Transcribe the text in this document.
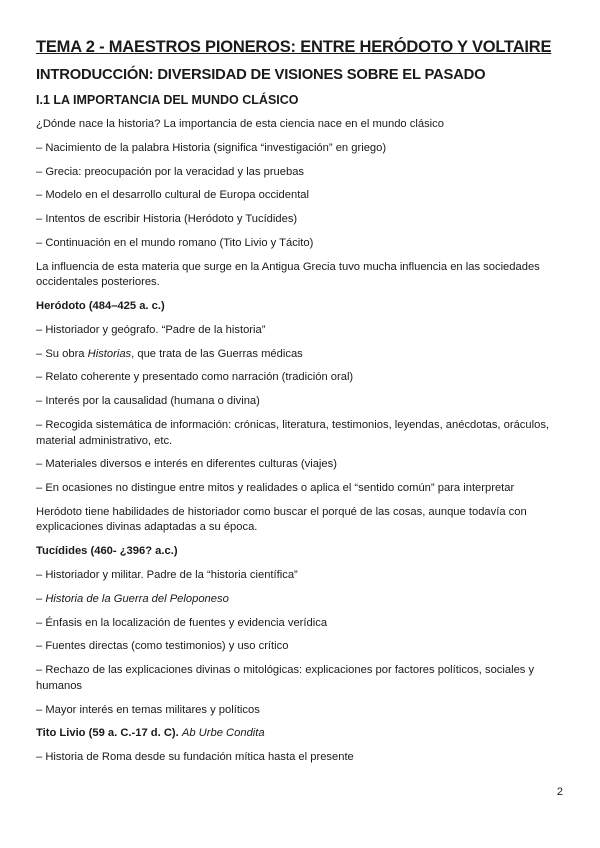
TEMA 2 - MAESTROS PIONEROS: ENTRE HERÓDOTO Y VOLTAIRE
INTRODUCCIÓN: DIVERSIDAD DE VISIONES SOBRE EL PASADO
I.1 LA IMPORTANCIA DEL MUNDO CLÁSICO

¿Dónde nace la historia? La importancia de esta ciencia nace en el mundo clásico

– Nacimiento de la palabra Historia (significa “investigación” en griego)

– Grecia: preocupación por la veracidad y las pruebas

– Modelo en el desarrollo cultural de Europa occidental

– Intentos de escribir Historia (Heródoto y Tucídides)

– Continuación en el mundo romano (Tito Livio y Tácito)

La influencia de esta materia que surge en la Antigua Grecia tuvo mucha influencia en las sociedades occidentales posteriores.

Heródoto (484–425 a. c.)

– Historiador y geógrafo. “Padre de la historia”

– Su obra Historias, que trata de las Guerras médicas

– Relato coherente y presentado como narración (tradición oral)

– Interés por la causalidad (humana o divina)

– Recogida sistemática de información: crónicas, literatura, testimonios, leyendas, anécdotas, oráculos, material administrativo, etc.

– Materiales diversos e interés en diferentes culturas (viajes)

– En ocasiones no distingue entre mitos y realidades o aplica el “sentido común” para interpretar

Heródoto tiene habilidades de historiador como buscar el porqué de las cosas, aunque todavía con explicaciones divinas adaptadas a su época.

Tucídides (460- ¿396? a.c.)

– Historiador y militar. Padre de la “historia científica”

– Historia de la Guerra del Peloponeso

– Énfasis en la localización de fuentes y evidencia verídica

– Fuentes directas (como testimonios) y uso crítico

– Rechazo de las explicaciones divinas o mitológicas: explicaciones por factores políticos, sociales y humanos

– Mayor interés en temas militares y políticos

Tito Livio (59 a. C.-17 d. C). Ab Urbe Condita

– Historia de Roma desde su fundación mítica hasta el presente

2
